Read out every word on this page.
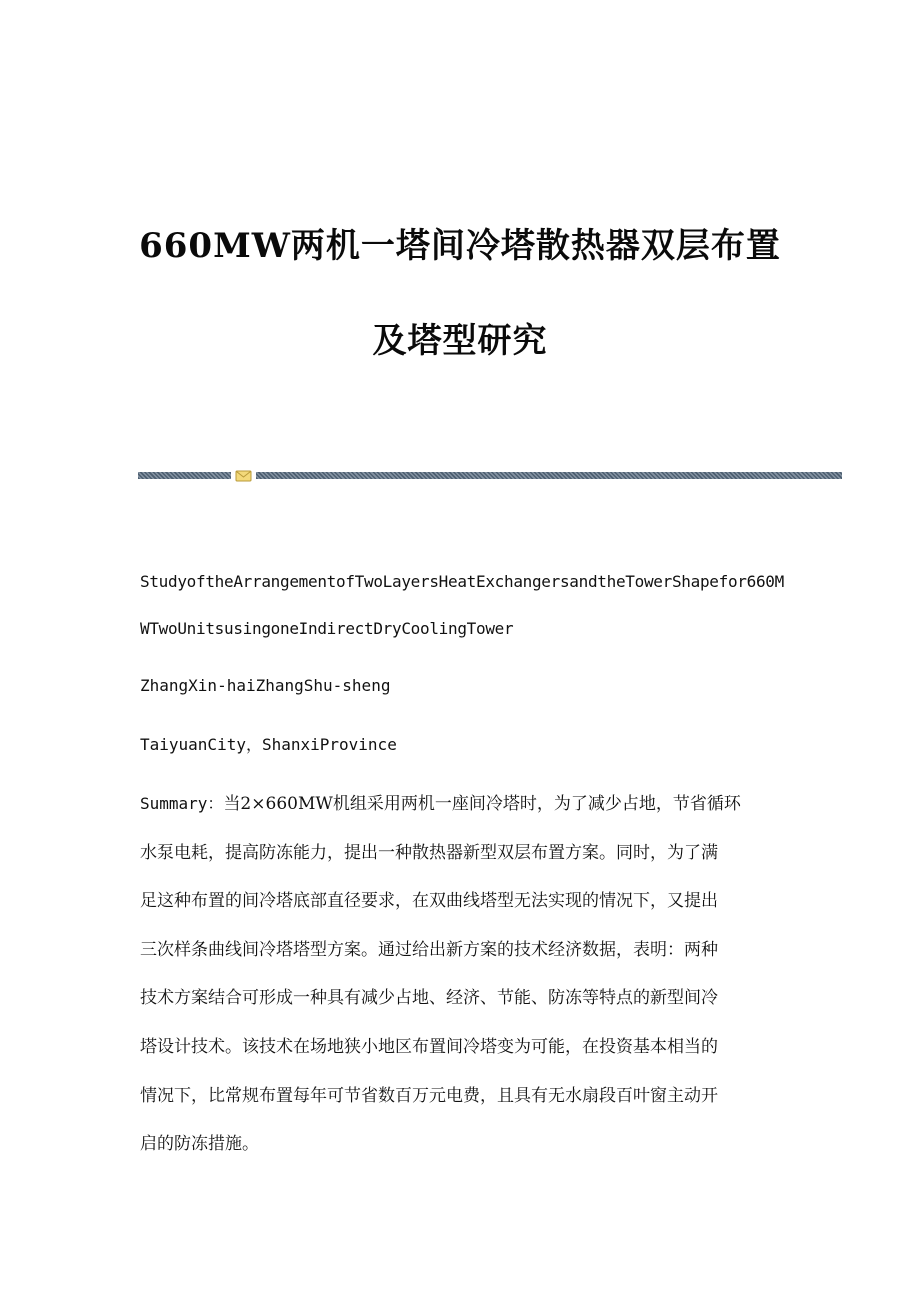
660MW两机一塔间冷塔散热器双层布置
及塔型研究
StudyoftheArrangementofTwoLayersHeatExchangersandtheTowerShapefor660M
WTwoUnitsusingoneIndirectDryCoolingTower
ZhangXin-haiZhangShu-sheng
TaiyuanCity，ShanxiProvince
Summary：当2×660MW机组采用两机一座间冷塔时，为了减少占地，节省循环
水泵电耗，提高防冻能力，提出一种散热器新型双层布置方案。同时，为了满
足这种布置的间冷塔底部直径要求，在双曲线塔型无法实现的情况下，又提出
三次样条曲线间冷塔塔型方案。通过给出新方案的技术经济数据，表明：两种
技术方案结合可形成一种具有减少占地、经济、节能、防冻等特点的新型间冷
塔设计技术。该技术在场地狭小地区布置间冷塔变为可能，在投资基本相当的
情况下，比常规布置每年可节省数百万元电费，且具有无水扇段百叶窗主动开
启的防冻措施。
